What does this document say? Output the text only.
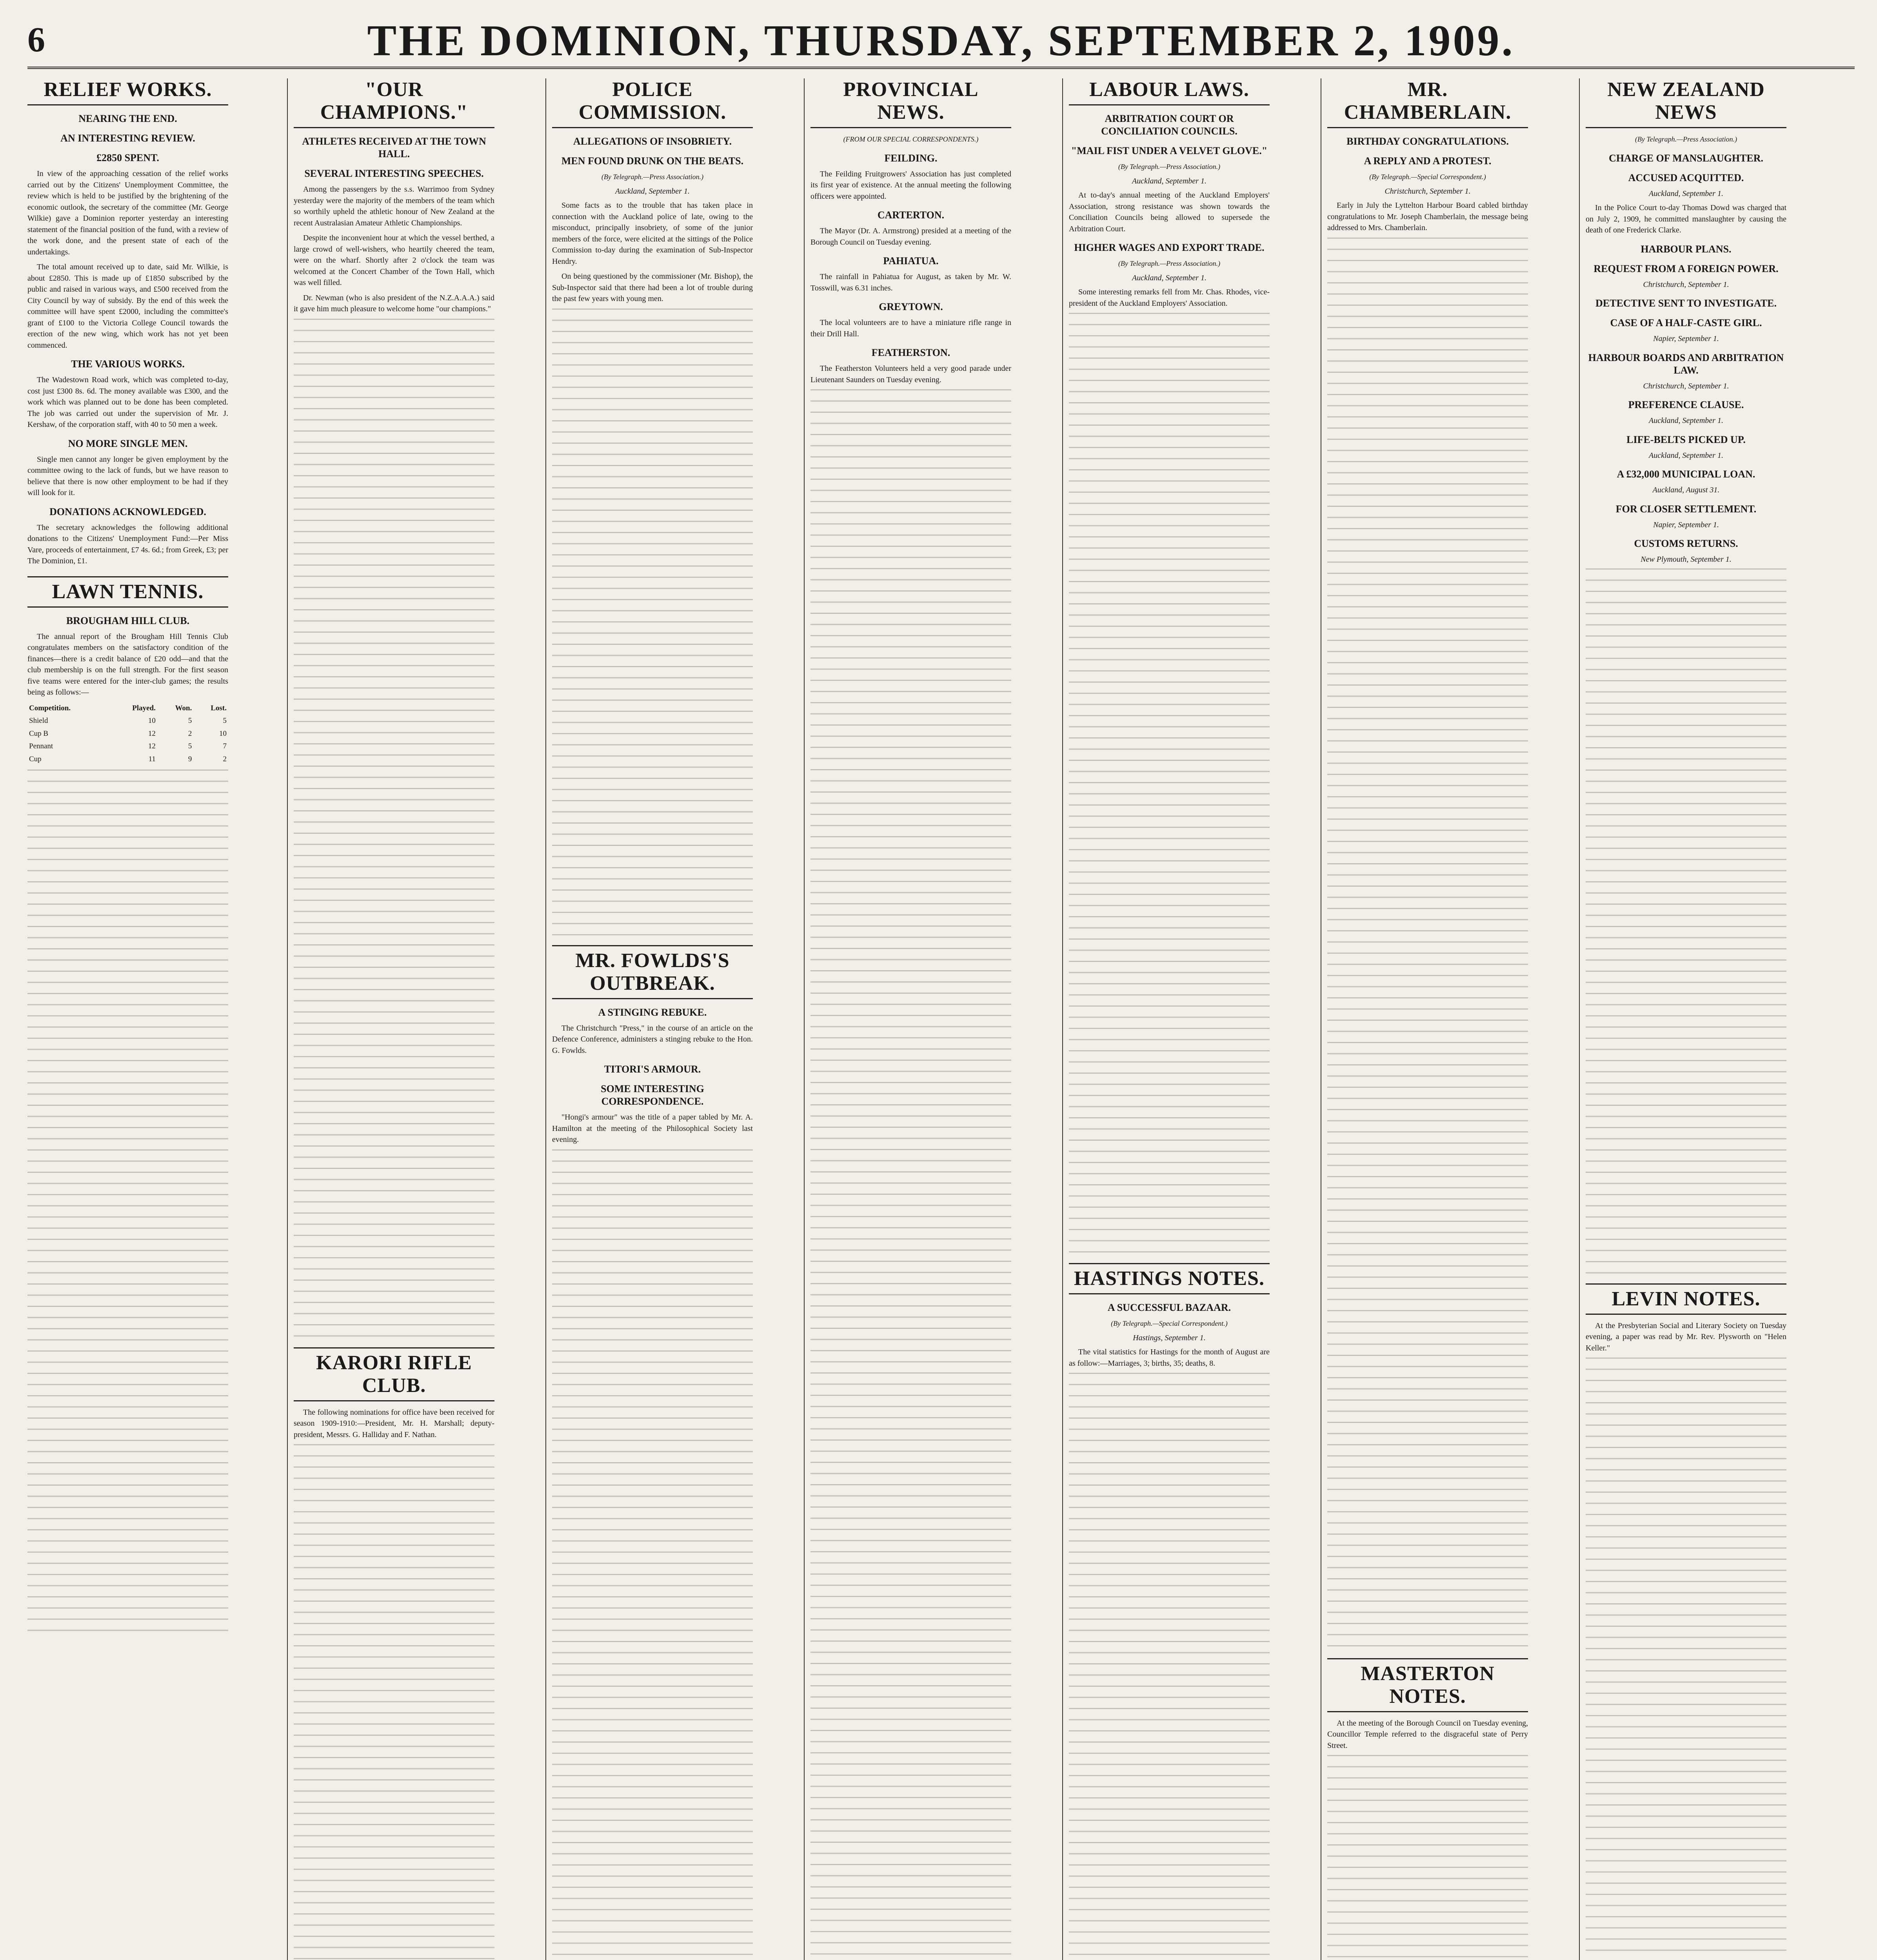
6	THE DOMINION, THURSDAY, SEPTEMBER 2, 1909.
RELIEF WORKS.
NEARING THE END.
AN INTERESTING REVIEW.
£2850 SPENT.

In view of the approaching cessation of the relief works carried out by the Citizens' Unemployment Committee, the review which is held to be justified by the brightening of the economic outlook, the secretary of the committee (Mr. George Wilkie) gave a Dominion reporter yesterday an interesting statement of the financial position of the fund, with a review of the work done, and the present state of each of the undertakings.

The total amount received up to date, said Mr. Wilkie, is about £2850. This is made up of £1850 subscribed by the public and raised in various ways, and £500 received from the City Council by way of subsidy. By the end of this week the committee will have spent £2000, including the committee's grant of £100 to the Victoria College Council towards the erection of the new wing, which work has not yet been commenced.

THE VARIOUS WORKS.

The Wadestown Road work, which was completed to-day, cost just £300 8s. 6d. The money available was £300, and the work which was planned out to be done has been completed. The job was carried out under the supervision of Mr. J. Kershaw, of the corporation staff, with 40 to 50 men a week.

NO MORE SINGLE MEN.

Single men cannot any longer be given employment by the committee owing to the lack of funds, but we have reason to believe that there is now other employment to be had if they will look for it.

DONATIONS ACKNOWLEDGED.

The secretary acknowledges the following additional donations to the Citizens' Unemployment Fund:—Per Miss Vare, proceeds of entertainment, £7 4s. 6d.; from Greek, £3; per The Dominion, £1.

LAWN TENNIS.
BROUGHAM HILL CLUB.

The annual report of the Brougham Hill Tennis Club congratulates members on the satisfactory condition of the finances—there is a credit balance of £20 odd—and that the club membership is on the full strength. For the first season five teams were entered for the inter-club games; the results being as follows:—

Competition.	Played.	Won.	Lost.
Shield	10	5	5
Cup B	12	2	10
Pennant	12	5	7
Cup	11	9	2
"OUR CHAMPIONS."
ATHLETES RECEIVED AT THE TOWN HALL.
SEVERAL INTERESTING SPEECHES.

Among the passengers by the s.s. Warrimoo from Sydney yesterday were the majority of the members of the team which so worthily upheld the athletic honour of New Zealand at the recent Australasian Amateur Athletic Championships.

Despite the inconvenient hour at which the vessel berthed, a large crowd of well-wishers, who heartily cheered the team, were on the wharf. Shortly after 2 o'clock the team was welcomed at the Concert Chamber of the Town Hall, which was well filled.

Dr. Newman (who is also president of the N.Z.A.A.A.) said it gave him much pleasure to welcome home "our champions."

KARORI RIFLE CLUB.

The following nominations for office have been received for season 1909-1910:—President, Mr. H. Marshall; deputy-president, Messrs. G. Halliday and F. Nathan.

POLICE COMMISSION.
ALLEGATIONS OF INSOBRIETY.
MEN FOUND DRUNK ON THE BEATS.
(By Telegraph.—Press Association.)
Auckland, September 1.

Some facts as to the trouble that has taken place in connection with the Auckland police of late, owing to the misconduct, principally insobriety, of some of the junior members of the force, were elicited at the sittings of the Police Commission to-day during the examination of Sub-Inspector Hendry.

On being questioned by the commissioner (Mr. Bishop), the Sub-Inspector said that there had been a lot of trouble during the past few years with young men.

MR. FOWLDS'S OUTBREAK.
A STINGING REBUKE.

The Christchurch "Press," in the course of an article on the Defence Conference, administers a stinging rebuke to the Hon. G. Fowlds.

TITORI'S ARMOUR.
SOME INTERESTING CORRESPONDENCE.

"Hongi's armour" was the title of a paper tabled by Mr. A. Hamilton at the meeting of the Philosophical Society last evening.

PROVINCIAL NEWS.
(FROM OUR SPECIAL CORRESPONDENTS.)
FEILDING.

The Feilding Fruitgrowers' Association has just completed its first year of existence. At the annual meeting the following officers were appointed.

CARTERTON.

The Mayor (Dr. A. Armstrong) presided at a meeting of the Borough Council on Tuesday evening.

PAHIATUA.

The rainfall in Pahiatua for August, as taken by Mr. W. Tosswill, was 6.31 inches.

GREYTOWN.

The local volunteers are to have a miniature rifle range in their Drill Hall.

FEATHERSTON.

The Featherston Volunteers held a very good parade under Lieutenant Saunders on Tuesday evening.

LABOUR LAWS.
ARBITRATION COURT OR CONCILIATION COUNCILS.
"MAIL FIST UNDER A VELVET GLOVE."
(By Telegraph.—Press Association.)
Auckland, September 1.

At to-day's annual meeting of the Auckland Employers' Association, strong resistance was shown towards the Conciliation Councils being allowed to supersede the Arbitration Court.

HIGHER WAGES AND EXPORT TRADE.
(By Telegraph.—Press Association.)
Auckland, September 1.

Some interesting remarks fell from Mr. Chas. Rhodes, vice-president of the Auckland Employers' Association.

HASTINGS NOTES.
A SUCCESSFUL BAZAAR.
(By Telegraph.—Special Correspondent.)
Hastings, September 1.

The vital statistics for Hastings for the month of August are as follow:—Marriages, 3; births, 35; deaths, 8.

MR. CHAMBERLAIN.
BIRTHDAY CONGRATULATIONS.
A REPLY AND A PROTEST.
(By Telegraph.—Special Correspondent.)
Christchurch, September 1.

Early in July the Lyttelton Harbour Board cabled birthday congratulations to Mr. Joseph Chamberlain, the message being addressed to Mrs. Chamberlain.

MASTERTON NOTES.

At the meeting of the Borough Council on Tuesday evening, Councillor Temple referred to the disgraceful state of Perry Street.

NEW ZEALAND NEWS
(By Telegraph.—Press Association.)
CHARGE OF MANSLAUGHTER.
ACCUSED ACQUITTED.
Auckland, September 1.

In the Police Court to-day Thomas Dowd was charged that on July 2, 1909, he committed manslaughter by causing the death of one Frederick Clarke.

HARBOUR PLANS.
REQUEST FROM A FOREIGN POWER.
Christchurch, September 1.
DETECTIVE SENT TO INVESTIGATE.
CASE OF A HALF-CASTE GIRL.
Napier, September 1.
HARBOUR BOARDS AND ARBITRATION LAW.
Christchurch, September 1.
PREFERENCE CLAUSE.
Auckland, September 1.
LIFE-BELTS PICKED UP.
Auckland, September 1.
A £32,000 MUNICIPAL LOAN.
Auckland, August 31.
FOR CLOSER SETTLEMENT.
Napier, September 1.
CUSTOMS RETURNS.
New Plymouth, September 1.
LEVIN NOTES.

At the Presbyterian Social and Literary Society on Tuesday evening, a paper was read by Mr. Rev. Plysworth on "Helen Keller."
